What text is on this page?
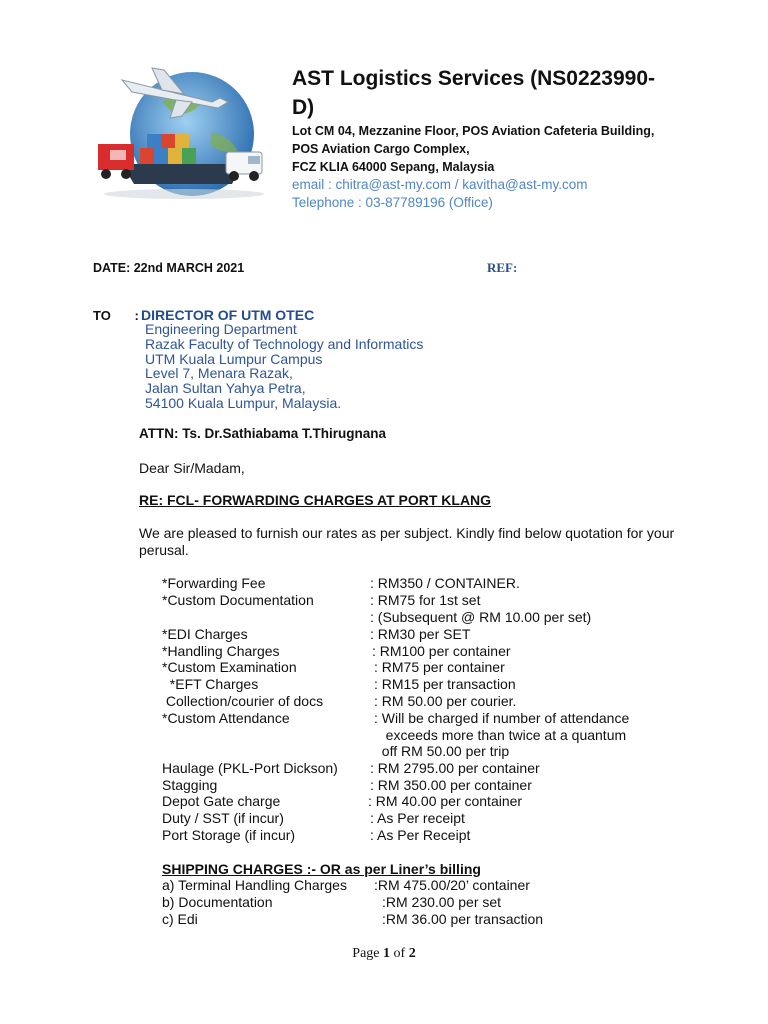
AST Logistics Services (NS0223990-D)
Lot CM 04, Mezzanine Floor, POS Aviation Cafeteria Building,
POS Aviation Cargo Complex,
FCZ KLIA 64000 Sepang, Malaysia
email : chitra@ast-my.com / kavitha@ast-my.com
Telephone : 03-87789196 (Office)
DATE: 22nd MARCH 2021	REF:
TO : DIRECTOR OF UTM OTEC
Engineering Department
Razak Faculty of Technology and Informatics
UTM Kuala Lumpur Campus
Level 7, Menara Razak,
Jalan Sultan Yahya Petra,
54100 Kuala Lumpur, Malaysia.
ATTN: Ts. Dr.Sathiabama T.Thirugnana
Dear Sir/Madam,
RE: FCL- FORWARDING CHARGES AT PORT KLANG
We are pleased to furnish our rates as per subject. Kindly find below quotation for your perusal.
*Forwarding Fee	: RM350 / CONTAINER.
*Custom Documentation	: RM75 for 1st set
: (Subsequent @ RM 10.00 per set)
*EDI Charges	: RM30 per SET
*Handling Charges	: RM100 per container
*Custom Examination	: RM75 per container
*EFT Charges	: RM15 per transaction
Collection/courier of docs	: RM 50.00 per courier.
*Custom Attendance	: Will be charged if number of attendance
exceeds more than twice at a quantum
off RM 50.00 per trip
Haulage (PKL-Port Dickson) : RM 2795.00 per container
Stagging	: RM 350.00 per container
Depot Gate charge	: RM 40.00 per container
Duty / SST (if incur)	: As Per receipt
Port Storage (if incur)	: As Per Receipt
SHIPPING CHARGES :- OR as per Liner’s billing
a) Terminal Handling Charges :RM 475.00/20’ container
b) Documentation	:RM 230.00 per set
c) Edi	:RM 36.00 per transaction
Page 1 of 2
